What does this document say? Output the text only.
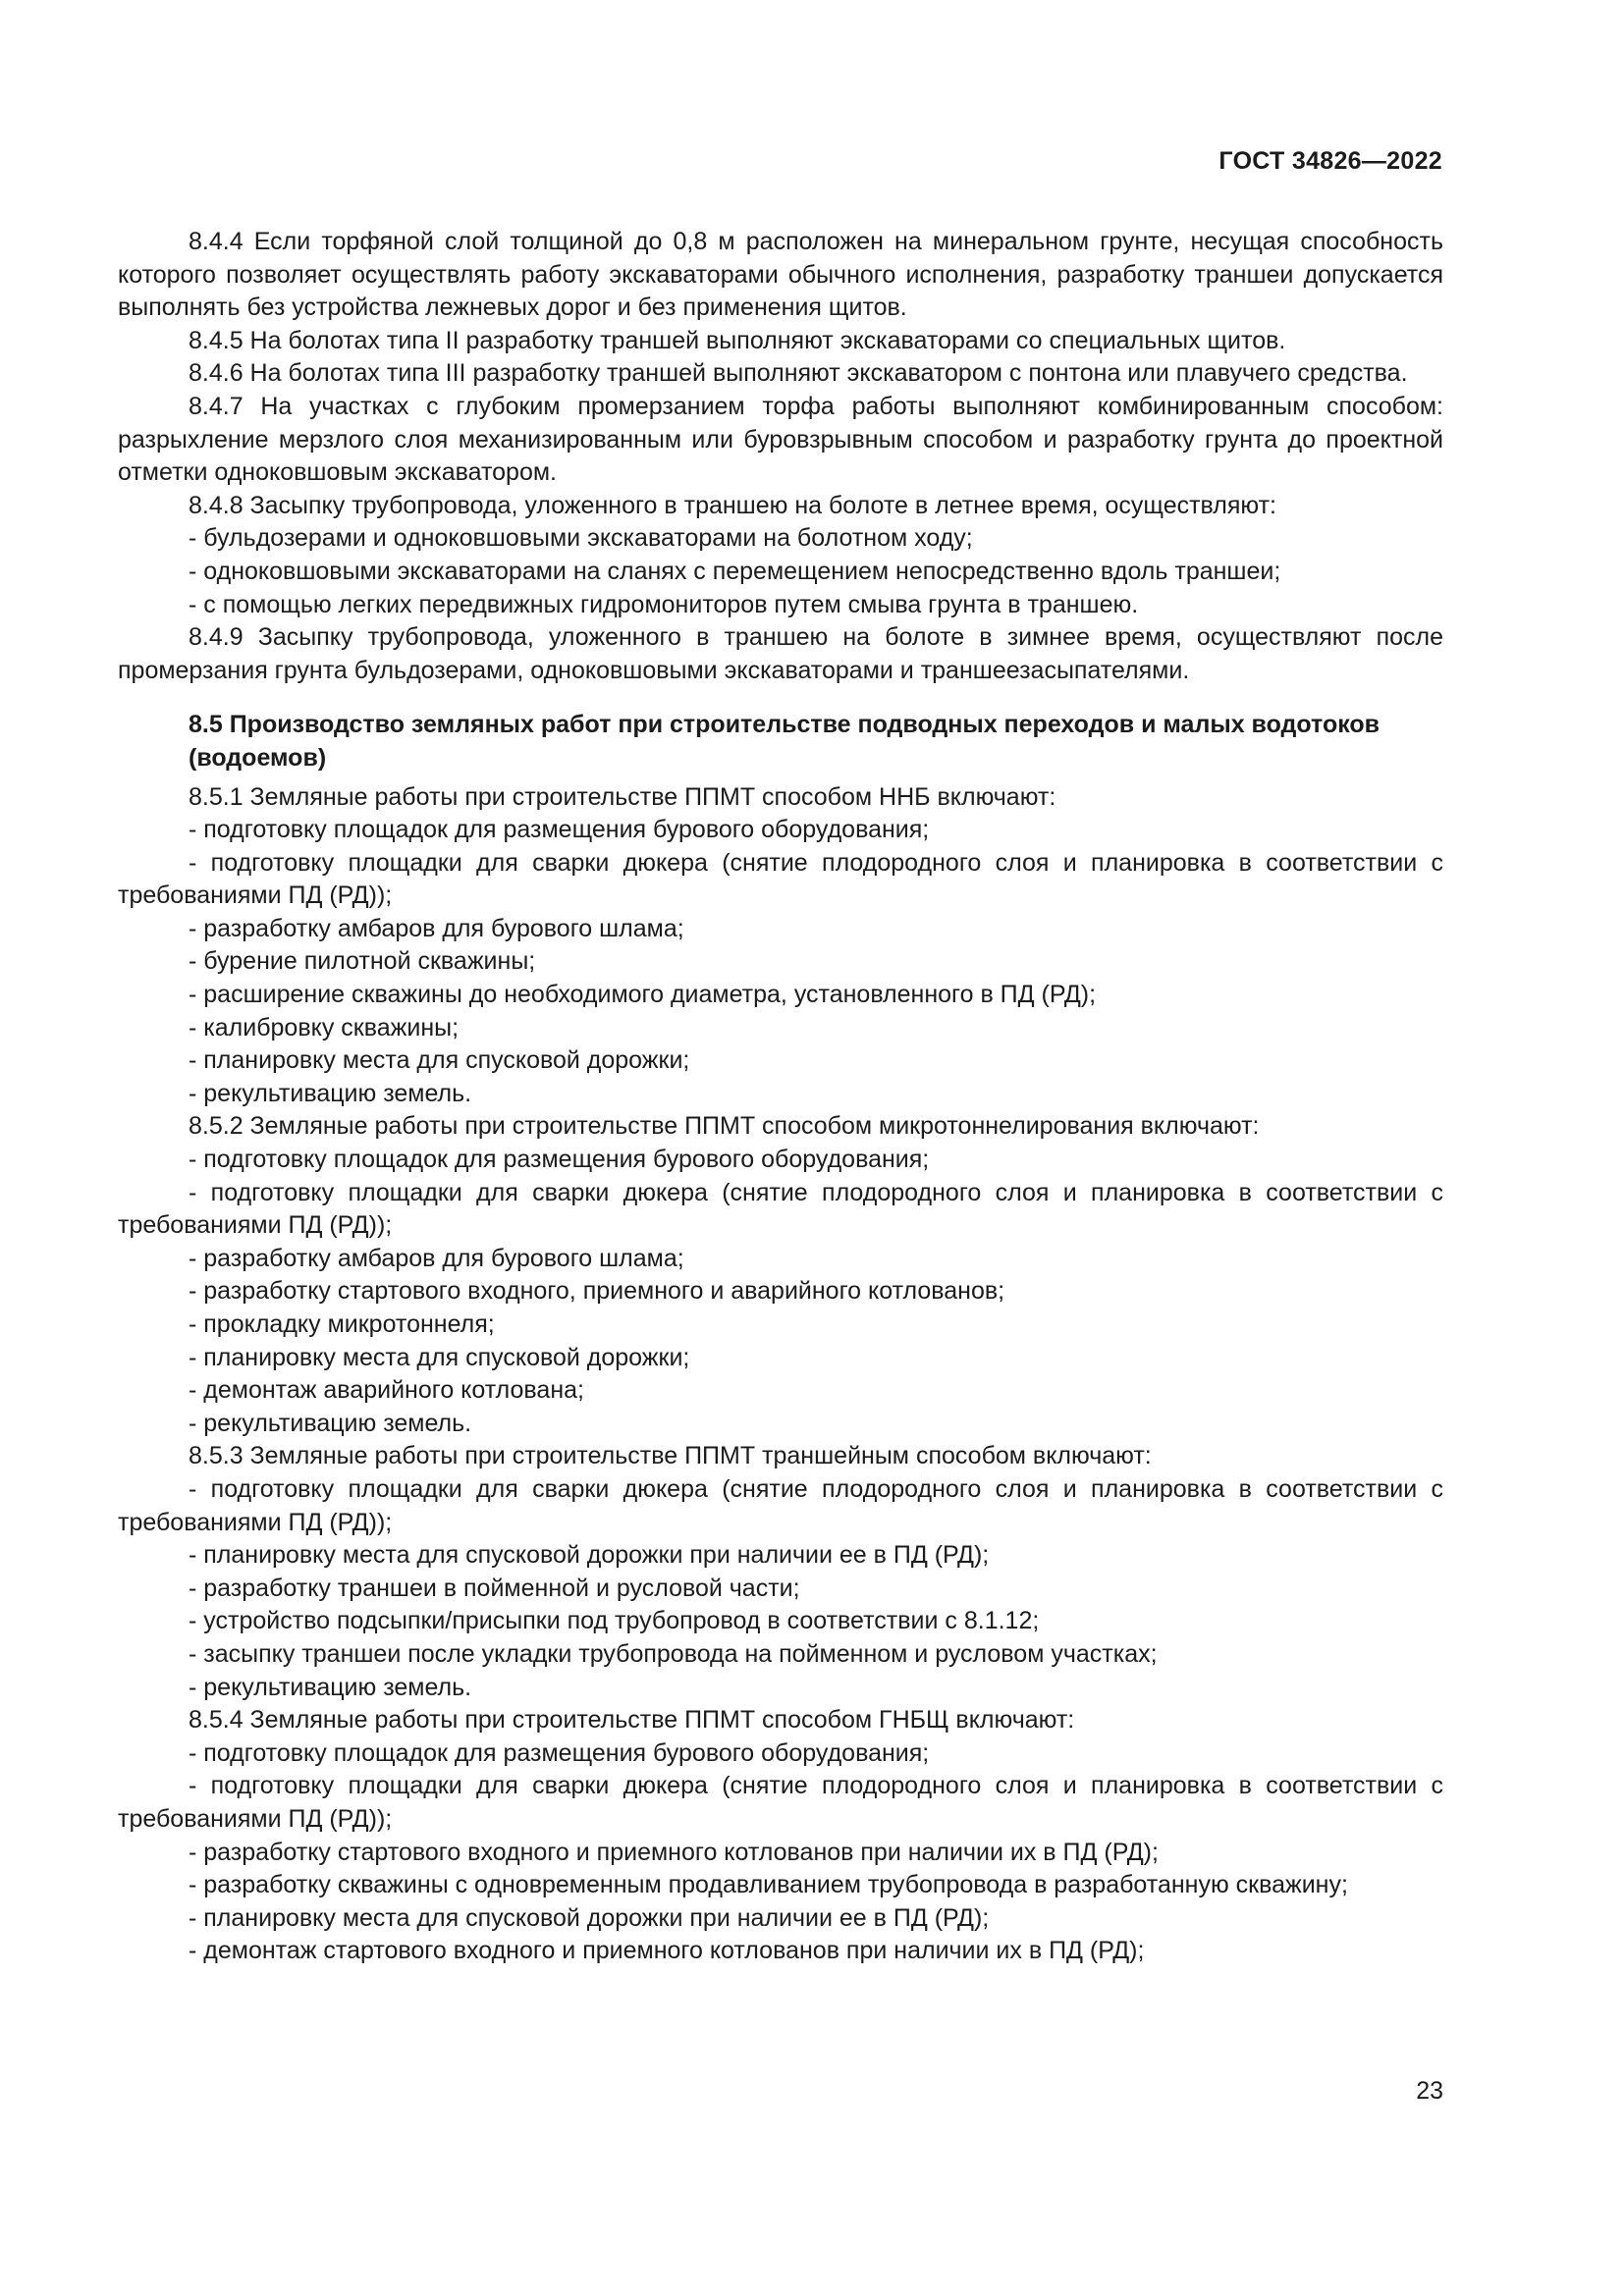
ГОСТ 34826—2022

8.4.4 Если торфяной слой толщиной до 0,8 м расположен на минеральном грунте, несущая способность которого позволяет осуществлять работу экскаваторами обычного исполнения, разработку траншеи допускается выполнять без устройства лежневых дорог и без применения щитов.

8.4.5 На болотах типа II разработку траншей выполняют экскаваторами со специальных щитов.

8.4.6 На болотах типа III разработку траншей выполняют экскаватором с понтона или плавучего средства.

8.4.7 На участках с глубоким промерзанием торфа работы выполняют комбинированным способом: разрыхление мерзлого слоя механизированным или буровзрывным способом и разработку грунта до проектной отметки одноковшовым экскаватором.

8.4.8 Засыпку трубопровода, уложенного в траншею на болоте в летнее время, осуществляют:

- бульдозерами и одноковшовыми экскаваторами на болотном ходу;

- одноковшовыми экскаваторами на сланях с перемещением непосредственно вдоль траншеи;

- с помощью легких передвижных гидромониторов путем смыва грунта в траншею.

8.4.9 Засыпку трубопровода, уложенного в траншею на болоте в зимнее время, осуществляют после промерзания грунта бульдозерами, одноковшовыми экскаваторами и траншеезасыпателями.

8.5 Производство земляных работ при строительстве подводных переходов и малых водотоков (водоемов)

8.5.1 Земляные работы при строительстве ППМТ способом ННБ включают:

- подготовку площадок для размещения бурового оборудования;

- подготовку площадки для сварки дюкера (снятие плодородного слоя и планировка в соответствии с требованиями ПД (РД));

- разработку амбаров для бурового шлама;

- бурение пилотной скважины;

- расширение скважины до необходимого диаметра, установленного в ПД (РД);

- калибровку скважины;

- планировку места для спусковой дорожки;

- рекультивацию земель.

8.5.2 Земляные работы при строительстве ППМТ способом микротоннелирования включают:

- подготовку площадок для размещения бурового оборудования;

- подготовку площадки для сварки дюкера (снятие плодородного слоя и планировка в соответствии с требованиями ПД (РД));

- разработку амбаров для бурового шлама;

- разработку стартового входного, приемного и аварийного котлованов;

- прокладку микротоннеля;

- планировку места для спусковой дорожки;

- демонтаж аварийного котлована;

- рекультивацию земель.

8.5.3 Земляные работы при строительстве ППМТ траншейным способом включают:

- подготовку площадки для сварки дюкера (снятие плодородного слоя и планировка в соответствии с требованиями ПД (РД));

- планировку места для спусковой дорожки при наличии ее в ПД (РД);

- разработку траншеи в пойменной и русловой части;

- устройство подсыпки/присыпки под трубопровод в соответствии с 8.1.12;

- засыпку траншеи после укладки трубопровода на пойменном и русловом участках;

- рекультивацию земель.

8.5.4 Земляные работы при строительстве ППМТ способом ГНБЩ включают:

- подготовку площадок для размещения бурового оборудования;

- подготовку площадки для сварки дюкера (снятие плодородного слоя и планировка в соответствии с требованиями ПД (РД));

- разработку стартового входного и приемного котлованов при наличии их в ПД (РД);

- разработку скважины с одновременным продавливанием трубопровода в разработанную скважину;

- планировку места для спусковой дорожки при наличии ее в ПД (РД);

- демонтаж стартового входного и приемного котлованов при наличии их в ПД (РД);

23
